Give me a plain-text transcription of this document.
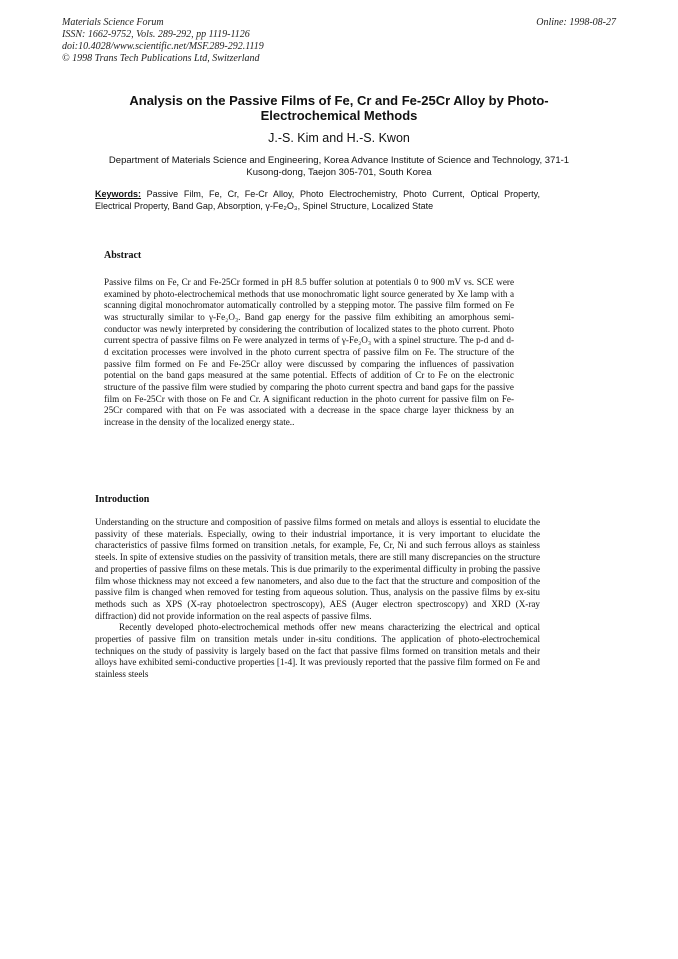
Materials Science Forum
ISSN: 1662-9752, Vols. 289-292, pp 1119-1126
doi:10.4028/www.scientific.net/MSF.289-292.1119
© 1998 Trans Tech Publications Ltd, Switzerland
Online: 1998-08-27
Analysis on the Passive Films of Fe, Cr and Fe-25Cr Alloy by Photo-Electrochemical Methods
J.-S. Kim and H.-S. Kwon
Department of Materials Science and Engineering, Korea Advance Institute of Science and Technology, 371-1 Kusong-dong, Taejon 305-701, South Korea
Keywords: Passive Film, Fe, Cr, Fe-Cr Alloy, Photo Electrochemistry, Photo Current, Optical Property, Electrical Property, Band Gap, Absorption, γ-Fe₂O₃, Spinel Structure, Localized State
Abstract
Passive films on Fe, Cr and Fe-25Cr formed in pH 8.5 buffer solution at potentials 0 to 900 mV vs. SCE were examined by photo-electrochemical methods that use monochromatic light source generated by Xe lamp with a scanning digital monochromator automatically controlled by a stepping motor. The passive film formed on Fe was structurally similar to γ-Fe₂O₃. Band gap energy for the passive film exhibiting an amorphous semi-conductor was newly interpreted by considering the contribution of localized states to the photo current. Photo current spectra of passive films on Fe were analyzed in terms of γ-Fe₂O₃ with a spinel structure. The p-d and d-d excitation processes were involved in the photo current spectra of passive film on Fe. The structure of the passive film formed on Fe and Fe-25Cr alloy were discussed by comparing the influences of passivation potential on the band gaps measured at the same potential. Effects of addition of Cr to Fe on the electronic structure of the passive film were studied by comparing the photo current spectra and band gaps for the passive film on Fe-25Cr with those on Fe and Cr. A significant reduction in the photo current for passive film on Fe-25Cr compared with that on Fe was associated with a decrease in the space charge layer thickness by an increase in the density of the localized energy state..
Introduction

Understanding on the structure and composition of passive films formed on metals and alloys is essential to elucidate the passivity of these materials. Especially, owing to their industrial importance, it is very important to elucidate the characteristics of passive films formed on transition .netals, for example, Fe, Cr, Ni and such ferrous alloys as stainless steels. In spite of extensive studies on the passivity of transition metals, there are still many discrepancies on the structure and properties of passive films on these metals. This is due primarily to the experimental difficulty in probing the passive film whose thickness may not exceed a few nanometers, and also due to the fact that the structure and composition of the passive film is changed when removed for testing from aqueous solution. Thus, analysis on the passive films by ex-situ methods such as XPS (X-ray photoelectron spectroscopy), AES (Auger electron spectroscopy) and XRD (X-ray diffraction) did not provide information on the real aspects of passive films.

Recently developed photo-electrochemical methods offer new means characterizing the electrical and optical properties of passive film on transition metals under in-situ conditions. The application of photo-electrochemical techniques on the study of passivity is largely based on the fact that passive films formed on transition metals and their alloys have exhibited semi-conductive properties [1-4]. It was previously reported that the passive film formed on Fe and stainless steels
